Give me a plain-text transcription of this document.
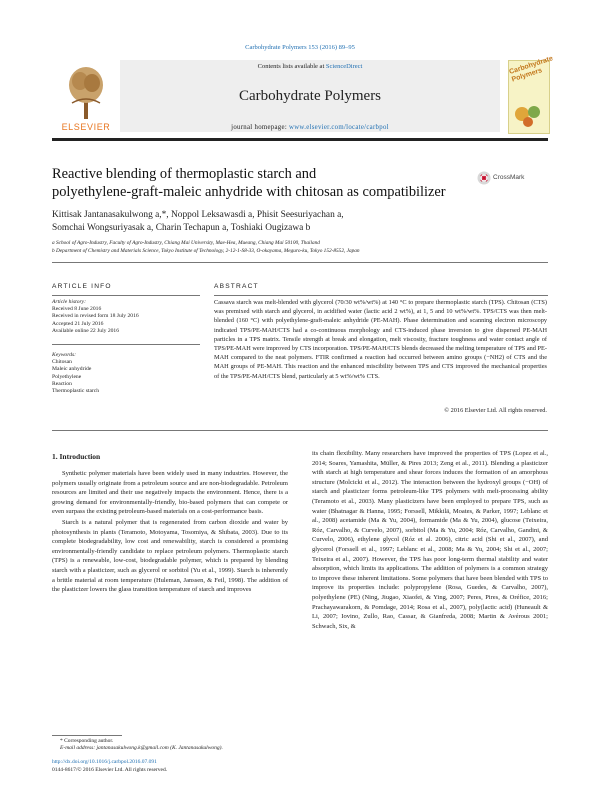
Carbohydrate Polymers 153 (2016) 89–95
ELSEVIER
Contents lists available at ScienceDirect
Carbohydrate Polymers
journal homepage: www.elsevier.com/locate/carbpol
Carbohydrate Polymers
Reactive blending of thermoplastic starch and
polyethylene-graft-maleic anhydride with chitosan as compatibilizer
CrossMark
Kittisak Jantanasakulwong a,*, Noppol Leksawasdi a, Phisit Seesuriyachan a,
Somchai Wongsuriyasak a, Charin Techapun a, Toshiaki Ougizawa b
a School of Agro-Industry, Faculty of Agro-Industry, Chiang Mai University, Mae-Hea, Mueang, Chiang Mai 50100, Thailand
b Department of Chemistry and Materials Science, Tokyo Institute of Technology, 2-12-1-S8-33, O-okayama, Meguro-ku, Tokyo 152-8552, Japan
ARTICLE INFO
Article history:
Received 8 June 2016
Received in revised form 18 July 2016
Accepted 21 July 2016
Available online 22 July 2016
Keywords:
Chitosan
Maleic anhydride
Polyethylene
Reaction
Thermoplastic starch
ABSTRACT
Cassava starch was melt-blended with glycerol (70/30 wt%/wt%) at 140 °C to prepare thermoplastic starch (TPS). Chitosan (CTS) was premixed with starch and glycerol, in acidified water (lactic acid 2 wt%), at 1, 5 and 10 wt%/wt%. TPS/CTS was then melt-blended (160 °C) with polyethylene-graft-maleic anhydride (PE-MAH). Phase determination and scanning electron microscopy indicated TPS/PE-MAH/CTS had a co-continuous morphology and CTS-induced phase inversion to give dispersed PE-MAH particles in a TPS matrix. Tensile strength at break and elongation, melt viscosity, fracture toughness and water contact angle of TPS/PE-MAH were improved by CTS incorporation. TPS/PE-MAH/CTS blends decreased the melting temperature of TPS and PE-MAH compared to the neat polymers. FTIR confirmed a reaction had occurred between amino groups (−NH2) of CTS and the MAH groups of PE-MAH. This reaction and the enhanced miscibility between TPS and CTS improved the mechanical properties of the TPS/PE-MAH/CTS blend, particularly at 5 wt%/wt% CTS.
© 2016 Elsevier Ltd. All rights reserved.
1. Introduction
Synthetic polymer materials have been widely used in many industries. However, the polymers usually originate from a petroleum source and are non-biodegradable. Petroleum resources are limited and their use negatively impacts the environment. Hence, there is a growing demand for environmentally-friendly, bio-based polymers that can compete or even surpass the existing petroleum-based materials on a cost-performance basis.
Starch is a natural polymer that is regenerated from carbon dioxide and water by photosynthesis in plants (Teramoto, Motoyama, Tosomiya, & Shibata, 2003). Due to its complete biodegradability, low cost and renewability, starch is considered a promising environmentally-friendly candidate to replace petroleum polymers. Thermoplastic starch (TPS) is a renewable, low-cost, biodegradable polymer, which is prepared by blending starch with a plasticizer, such as glycerol or sorbitol (Yu et al., 1999). Starch is inherently a brittle material at room temperature (Huleman, Janssen, & Feil, 1998). The addition of the plasticizer lowers the glass transition temperature of starch and improves
its chain flexibility. Many researchers have improved the properties of TPS (Lopez et al., 2014; Soares, Yamashita, Müller, & Pires 2013; Zeng et al., 2011). Blending a plasticizer with starch at high temperature and shear forces induces the formation of an amorphous structure (Molcicki et al., 2012). The interaction between the hydroxyl groups (−OH) of starch and plasticizer forms petroleum-like TPS polymers with melt-processing ability (Teramoto et al., 2003). Many plasticizers have been employed to prepare TPS, such as water (Bhatnagar & Hanna, 1995; Forssell, Mikkilä, Moates, & Parker, 1997; Leblanc et al., 2008) acetamide (Ma & Yu, 2004), formamide (Ma & Yu, 2004), glucose (Teixeira, Róz, Carvalho, & Curvelo, 2007), sorbitol (Ma & Yu, 2004; Róz, Carvalho, Gandini, & Curvelo, 2006), ethylene glycol (Róz et al. 2006), citric acid (Shi et al., 2007), and glycerol (Forssell et al., 1997; Leblanc et al., 2008; Ma & Yu, 2004; Shi et al., 2007; Teixeira et al., 2007). However, the TPS has poor long-term thermal stability and water absorption, which limits its applications. The addition of polymers is a common strategy to improve these inherent limitations. Some polymers that have been blended with TPS to improve its properties include: polypropylene (Rosa, Guedes, & Carvalho, 2007), polyethylene (PE) (Ning, Jiugao, Xiaofei, & Ying, 2007; Peres, Pires, & Oréfice, 2016; Prachayawarakorn, & Pomdage, 2014; Rosa et al., 2007), poly(lactic acid) (Huneault & Li, 2007; Iovino, Zullo, Rao, Cassar, & Gianfreda, 2008; Martin & Avérous 2001; Schwach, Six, &
* Corresponding author.
E-mail address: jantanasakulwong.k@gmail.com (K. Jantanasakulwong).
http://dx.doi.org/10.1016/j.carbpol.2016.07.091
0144-8617/© 2016 Elsevier Ltd. All rights reserved.
